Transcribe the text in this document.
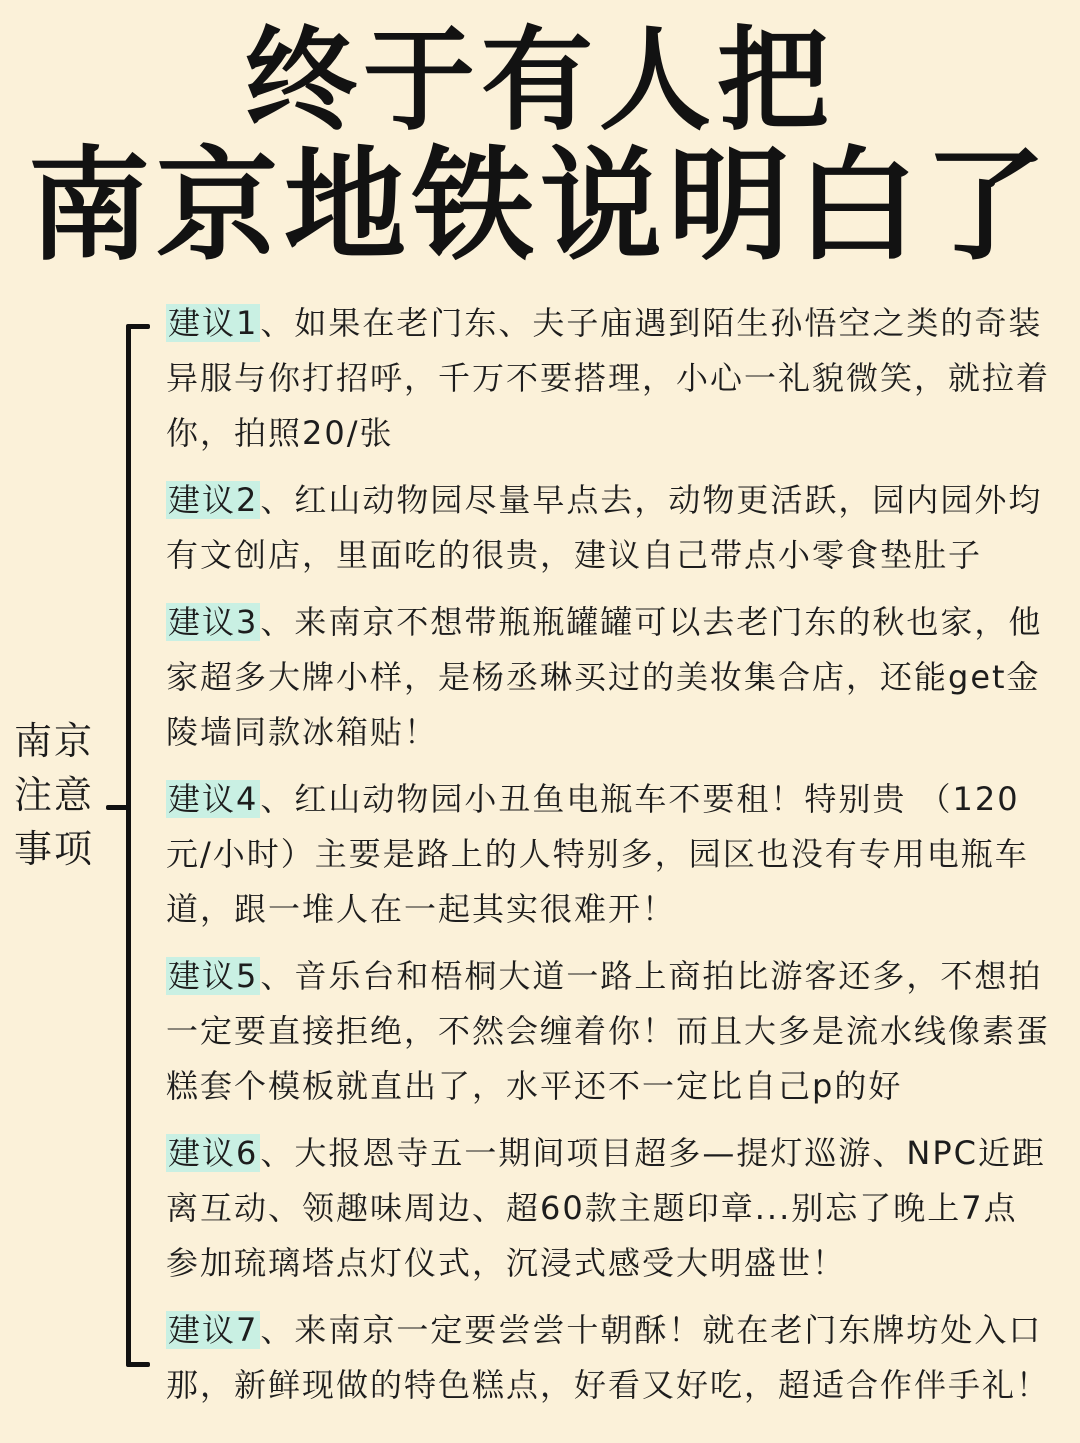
终于有人把
南京地铁说明白了
南京
注意
事项
建议1、如果在老门东、夫子庙遇到陌生孙悟空之类的奇装异服与你打招呼，千万不要搭理，小心一礼貌微笑，就拉着你，拍照20/张
建议2、红山动物园尽量早点去，动物更活跃，园内园外均有文创店，里面吃的很贵，建议自己带点小零食垫肚子
建议3、来南京不想带瓶瓶罐罐可以去老门东的秋也家，他家超多大牌小样，是杨丞琳买过的美妆集合店，还能get金陵墙同款冰箱贴！
建议4、红山动物园小丑鱼电瓶车不要租！特别贵 （120元/小时）主要是路上的人特别多，园区也没有专用电瓶车道，跟一堆人在一起其实很难开！
建议5、音乐台和梧桐大道一路上商拍比游客还多，不想拍一定要直接拒绝，不然会缠着你！而且大多是流水线像素蛋糕套个模板就直出了，水平还不一定比自己p的好
建议6、大报恩寺五一期间项目超多—提灯巡游、NPC近距离互动、领趣味周边、超60款主题印章...别忘了晚上7点参加琉璃塔点灯仪式，沉浸式感受大明盛世！
建议7、来南京一定要尝尝十朝酥！就在老门东牌坊处入口那，新鲜现做的特色糕点，好看又好吃，超适合作伴手礼！
